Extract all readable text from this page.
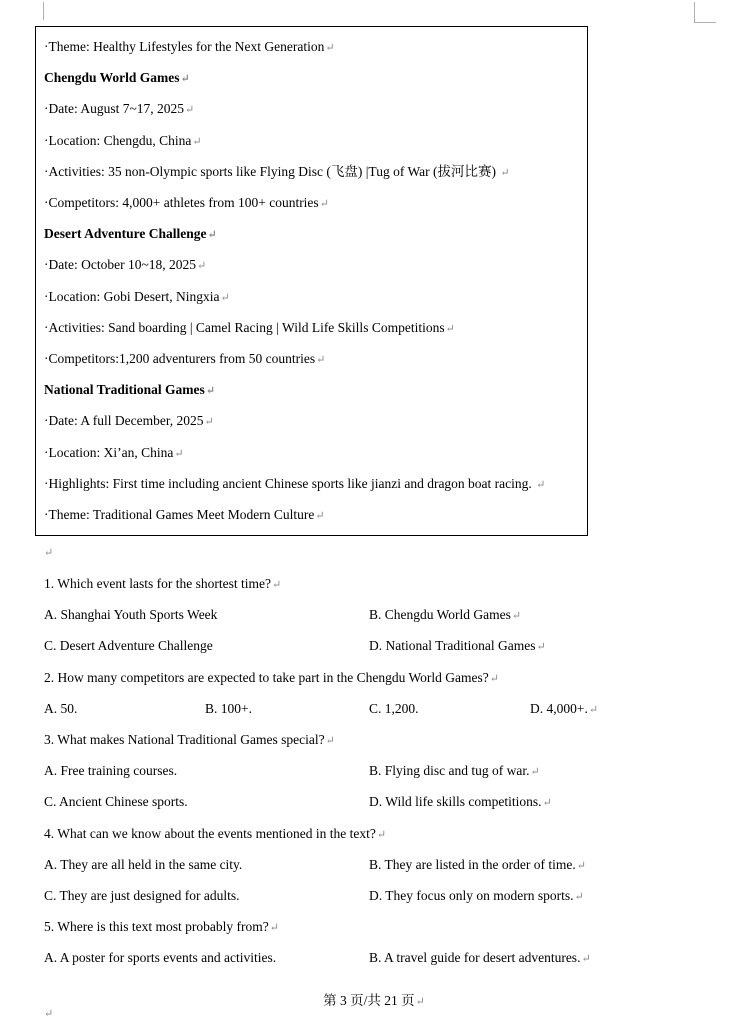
·Theme: Healthy Lifestyles for the Next Generation↵
Chengdu World Games↵
·Date: August 7~17, 2025↵
·Location: Chengdu, China↵
·Activities: 35 non-Olympic sports like Flying Disc (飞盘) |Tug of War (拔河比赛) ↵
·Competitors: 4,000+ athletes from 100+ countries↵
Desert Adventure Challenge↵
·Date: October 10~18, 2025↵
·Location: Gobi Desert, Ningxia↵
·Activities: Sand boarding | Camel Racing | Wild Life Skills Competitions↵
·Competitors:1,200 adventurers from 50 countries↵
National Traditional Games↵
·Date: A full December, 2025↵
·Location: Xi’an, China↵
·Highlights: First time including ancient Chinese sports like jianzi and dragon boat racing. ↵
·Theme: Traditional Games Meet Modern Culture↵
↵
↵
第 3 页/共 21 页↵
1. Which event lasts for the shortest time?↵
A. Shanghai Youth Sports Week	B. Chengdu World Games↵
C. Desert Adventure Challenge	D. National Traditional Games↵
2. How many competitors are expected to take part in the Chengdu World Games?↵
A. 50.	B. 100+.	C. 1,200.	D. 4,000+.↵
3. What makes National Traditional Games special?↵
A. Free training courses.	B. Flying disc and tug of war.↵
C. Ancient Chinese sports.	D. Wild life skills competitions.↵
4. What can we know about the events mentioned in the text?↵
A. They are all held in the same city.	B. They are listed in the order of time.↵
C. They are just designed for adults.	D. They focus only on modern sports.↵
5. Where is this text most probably from?↵
A. A poster for sports events and activities.	B. A travel guide for desert adventures.↵
